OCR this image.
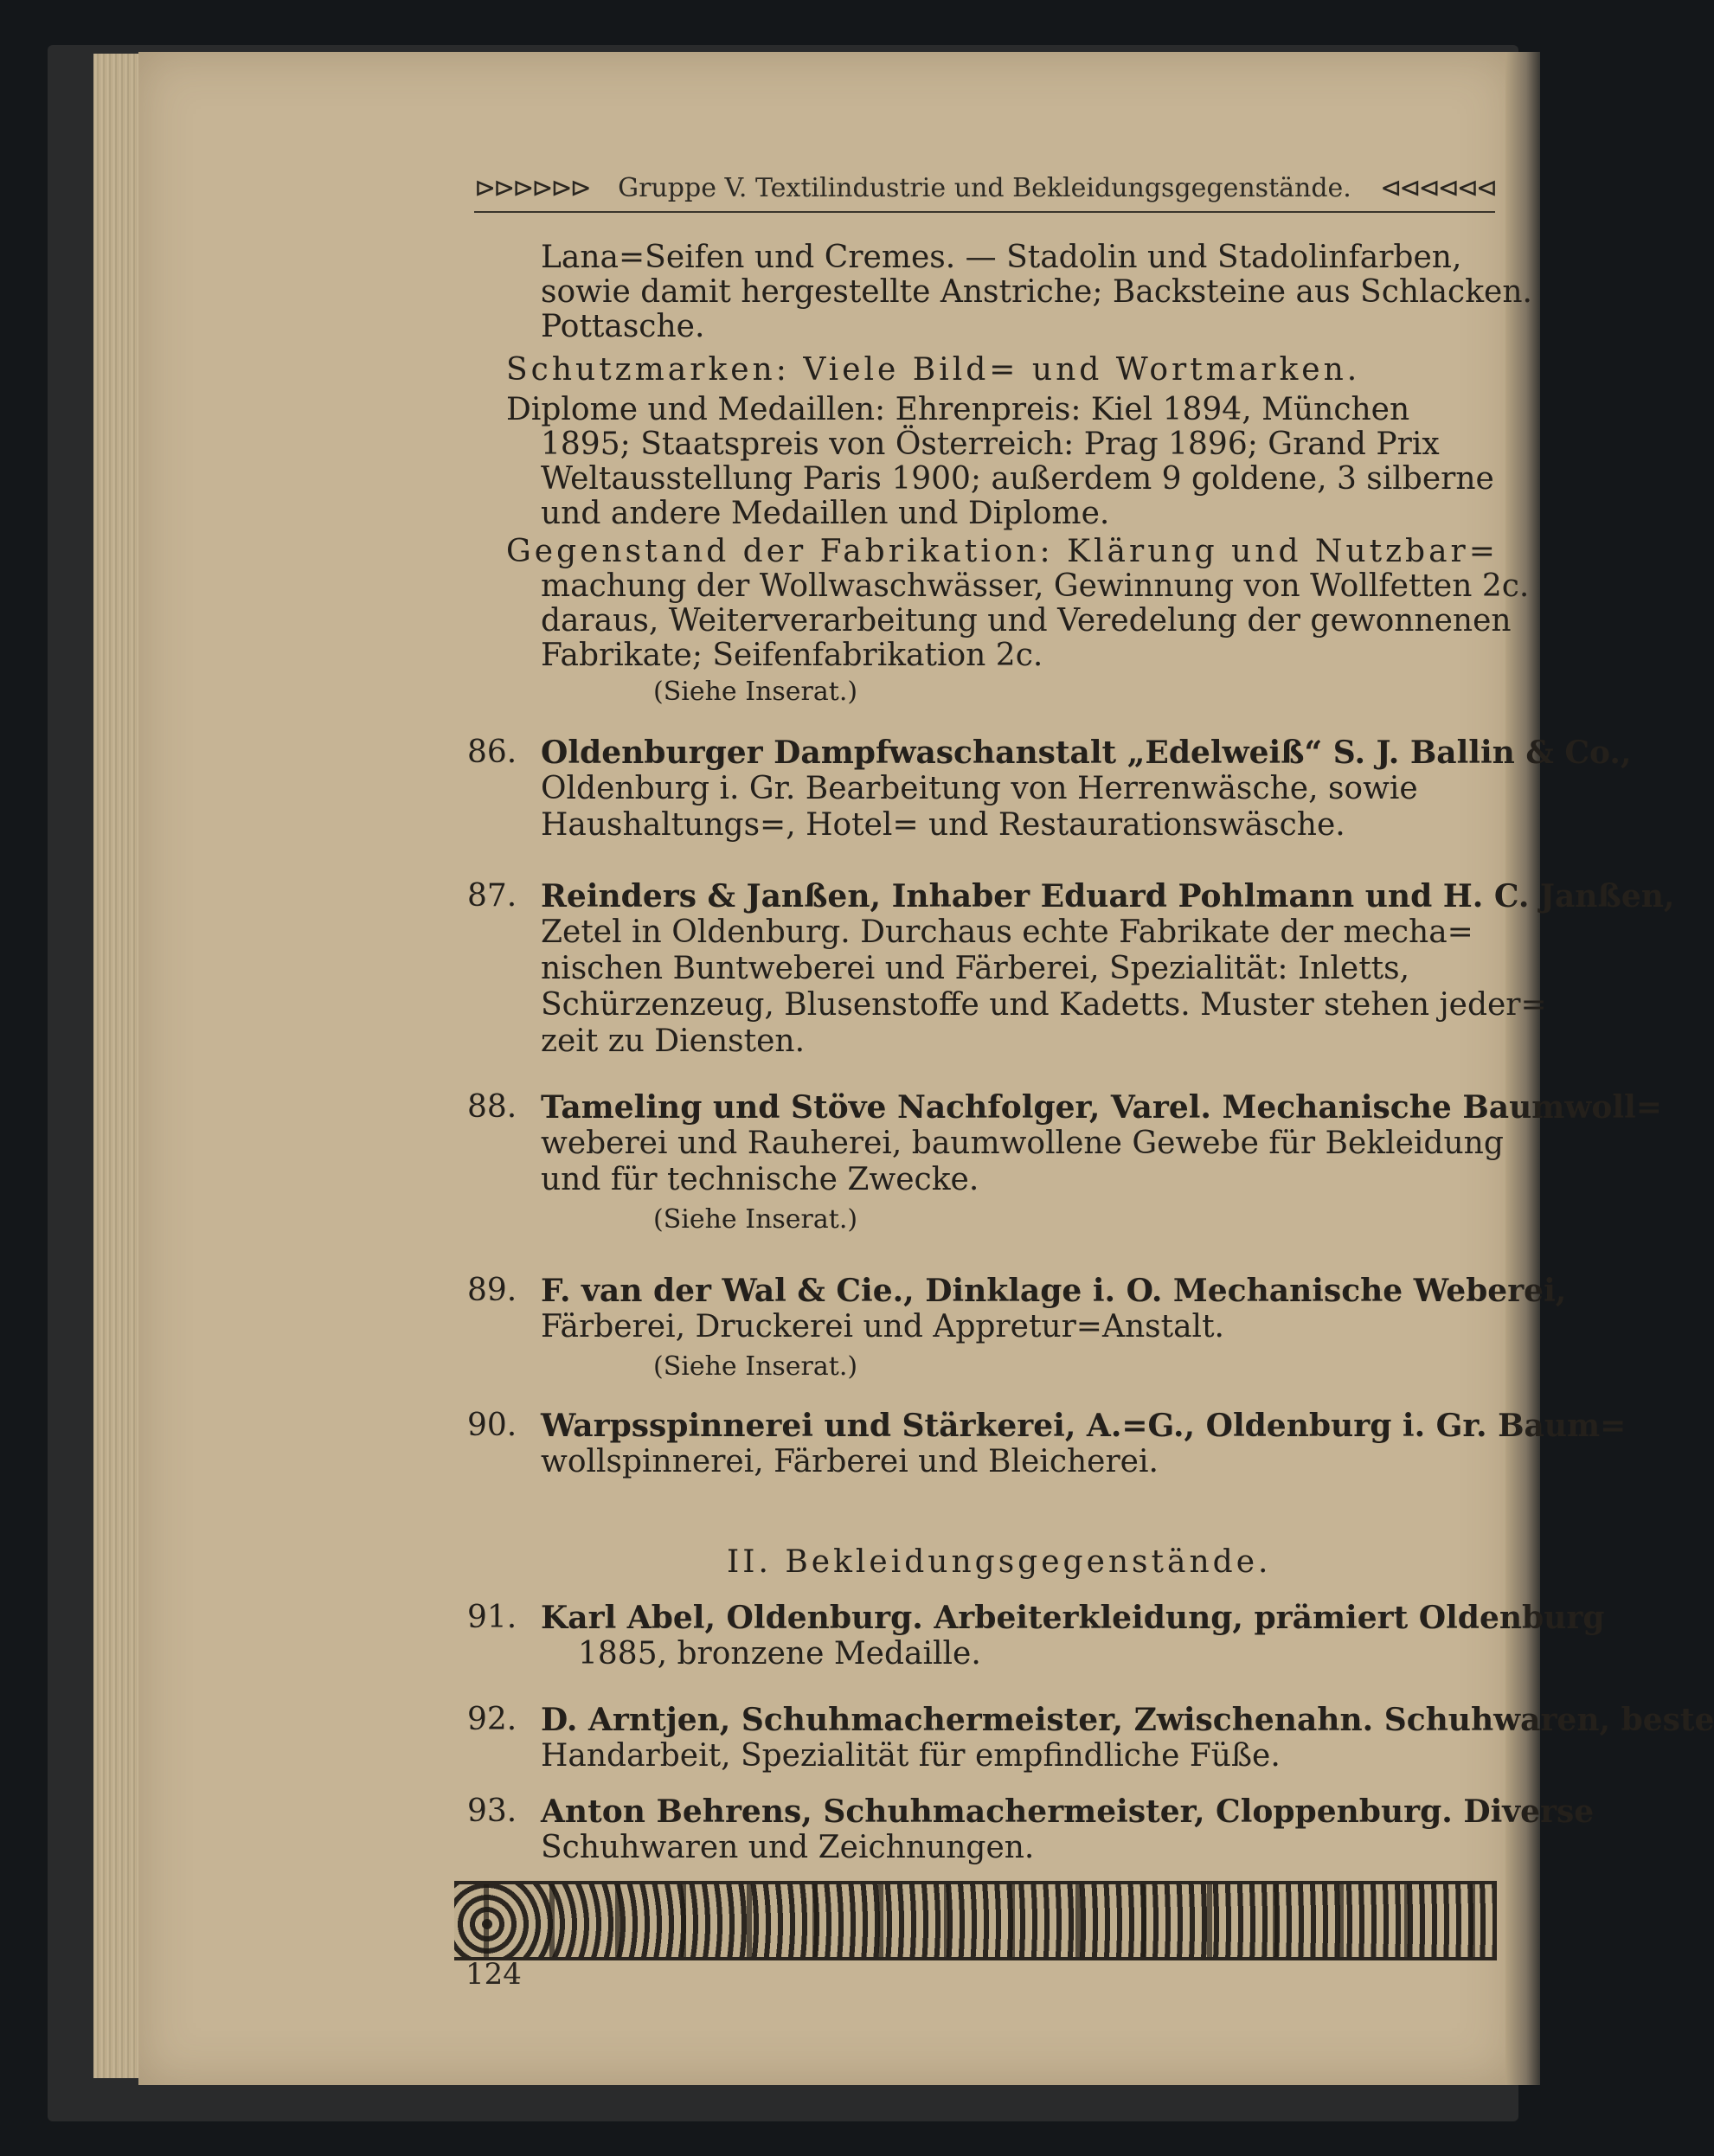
⊳⊳⊳⊳⊳⊳ Gruppe V. Textilindustrie und Bekleidungsgegenstände. ⊲⊲⊲⊲⊲⊲
Lana=Seifen und Cremes. — Stadolin und Stadolinfarben,
sowie damit hergestellte Anstriche; Backsteine aus Schlacken.
Pottasche.
Schutzmarken: Viele Bild= und Wortmarken.
Diplome und Medaillen: Ehrenpreis: Kiel 1894, München
1895; Staatspreis von Österreich: Prag 1896; Grand Prix
Weltausstellung Paris 1900; außerdem 9 goldene, 3 silberne
und andere Medaillen und Diplome.
Gegenstand der Fabrikation: Klärung und Nutzbar=
machung der Wollwaschwässer, Gewinnung von Wollfetten 2c.
daraus, Weiterverarbeitung und Veredelung der gewonnenen
Fabrikate; Seifenfabrikation 2c.
(Siehe Inserat.)
86. Oldenburger Dampfwaschanstalt „Edelweiß“ S. J. Ballin & Co.,
Oldenburg i. Gr. Bearbeitung von Herrenwäsche, sowie
Haushaltungs=, Hotel= und Restaurationswäsche.
87. Reinders & Janßen, Inhaber Eduard Pohlmann und H. C. Janßen,
Zetel in Oldenburg. Durchaus echte Fabrikate der mecha=
nischen Buntweberei und Färberei, Spezialität: Inletts,
Schürzenzeug, Blusenstoffe und Kadetts. Muster stehen jeder=
zeit zu Diensten.
88. Tameling und Stöve Nachfolger, Varel. Mechanische Baumwoll=
weberei und Rauherei, baumwollene Gewebe für Bekleidung
und für technische Zwecke.
(Siehe Inserat.)
89. F. van der Wal & Cie., Dinklage i. O. Mechanische Weberei,
Färberei, Druckerei und Appretur=Anstalt.
(Siehe Inserat.)
90. Warpsspinnerei und Stärkerei, A.=G., Oldenburg i. Gr. Baum=
wollspinnerei, Färberei und Bleicherei.
II. Bekleidungsgegenstände.
91. Karl Abel, Oldenburg. Arbeiterkleidung, prämiert Oldenburg
1885, bronzene Medaille.
92. D. Arntjen, Schuhmachermeister, Zwischenahn. Schuhwaren, beste
Handarbeit, Spezialität für empfindliche Füße.
93. Anton Behrens, Schuhmachermeister, Cloppenburg. Diverse
Schuhwaren und Zeichnungen.
124
